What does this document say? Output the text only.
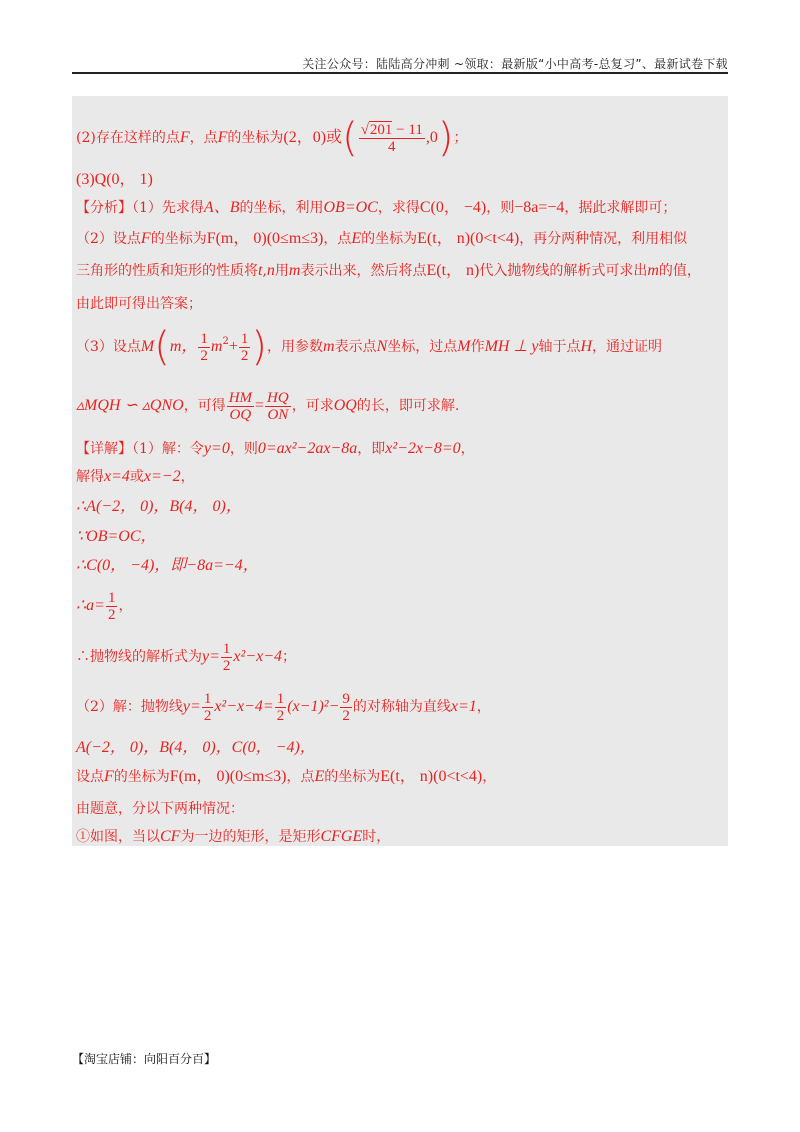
关注公众号：陆陆高分冲刺 ~领取：最新版“小中高考-总复习”、最新试卷下载
(2)存在这样的点F，点F的坐标为(2，0)或( $\frac{√201 - 11}{4} ,0$)；
(3)Q(0， 1)
【分析】（1）先求得A、B的坐标，利用OB=OC，求得C(0， −4)，则−8a=−4，据此求解即可；
（2）设点F的坐标为F(m， 0)(0≤m≤3)，点E的坐标为E(t， n)(0<t<4)，再分两种情况，利用相似
三角形的性质和矩形的性质将t,n用m表示出来，然后将点E(t， n)代入抛物线的解析式可求出m的值，
由此即可得出答案；
（3）设点M(m， $\frac{1}{2} m^2+ \frac{1}{2}$ )，用参数m表示点N坐标，过点M作MH ⊥ y轴于点H，通过证明
▵MQH ∽ ▵QNO，可得 $\frac{HM}{OQ} = \frac{HQ}{ON}$ ，可求OQ的长，即可求解.
【详解】（1）解：令y=0，则0=ax²−2ax−8a，即x²−2x−8=0，
解得x=4或x=−2，
∴A(−2， 0)，B(4， 0)，
∵OB=OC，
∴C(0， −4)，即−8a=−4，
∴a= $\frac{1}{2}$ ，
∴抛物线的解析式为$y= \frac{1}{2} x^2-x-4$；
（2）解：抛物线$y= \frac{1}{2} x^2-x-4= \frac{1}{2} (x-1)^2- \frac{9}{2}$ 的对称轴为直线x=1，
A(−2， 0)，B(4， 0)，C(0， −4)，
设点F的坐标为F(m， 0)(0≤m≤3)，点E的坐标为E(t， n)(0<t<4)，
由题意，分以下两种情况：
①如图，当以CF为一边的矩形，是矩形CFGE时，
【淘宝店铺：向阳百分百】
